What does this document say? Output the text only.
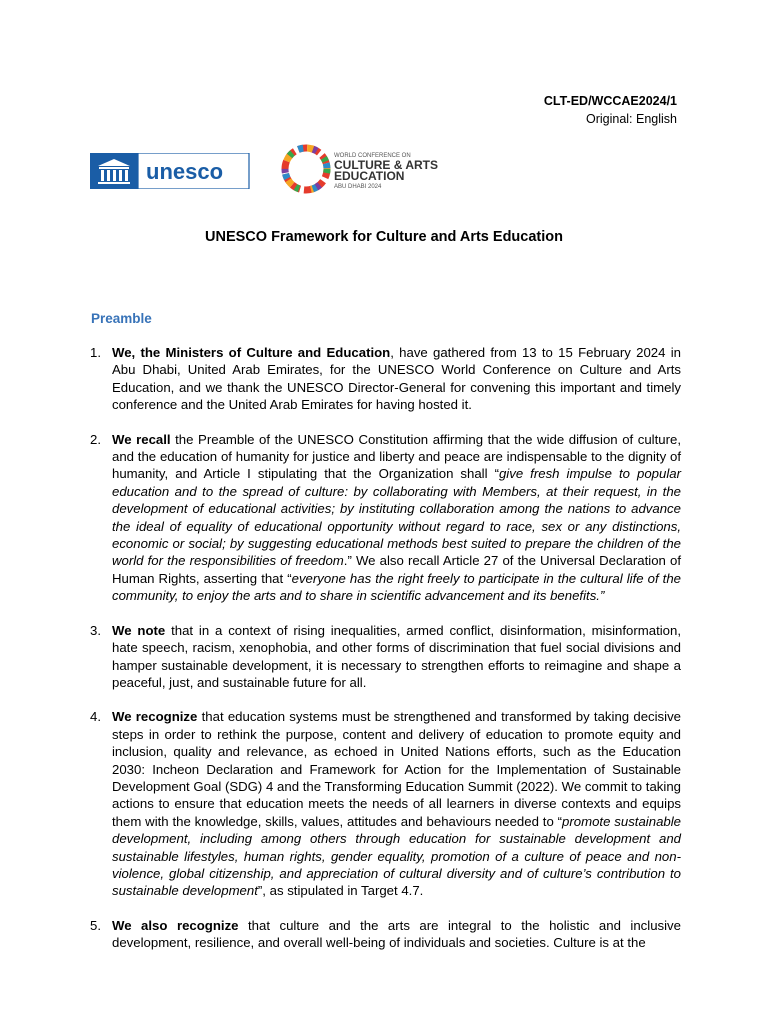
CLT-ED/WCCAE2024/1
Original: English
unesco
WORLD CONFERENCE ON
CULTURE & ARTS
EDUCATION
ABU DHABI 2024
UNESCO Framework for Culture and Arts Education
Preamble

1. We, the Ministers of Culture and Education, have gathered from 13 to 15 February 2024 in Abu Dhabi, United Arab Emirates, for the UNESCO World Conference on Culture and Arts Education, and we thank the UNESCO Director-General for convening this important and timely conference and the United Arab Emirates for having hosted it.

2. We recall the Preamble of the UNESCO Constitution affirming that the wide diffusion of culture, and the education of humanity for justice and liberty and peace are indispensable to the dignity of humanity, and Article I stipulating that the Organization shall “give fresh impulse to popular education and to the spread of culture: by collaborating with Members, at their request, in the development of educational activities; by instituting collaboration among the nations to advance the ideal of equality of educational opportunity without regard to race, sex or any distinctions, economic or social; by suggesting educational methods best suited to prepare the children of the world for the responsibilities of freedom.” We also recall Article 27 of the Universal Declaration of Human Rights, asserting that “everyone has the right freely to participate in the cultural life of the community, to enjoy the arts and to share in scientific advancement and its benefits.”

3. We note that in a context of rising inequalities, armed conflict, disinformation, misinformation, hate speech, racism, xenophobia, and other forms of discrimination that fuel social divisions and hamper sustainable development, it is necessary to strengthen efforts to reimagine and shape a peaceful, just, and sustainable future for all.

4. We recognize that education systems must be strengthened and transformed by taking decisive steps in order to rethink the purpose, content and delivery of education to promote equity and inclusion, quality and relevance, as echoed in United Nations efforts, such as the Education 2030: Incheon Declaration and Framework for Action for the Implementation of Sustainable Development Goal (SDG) 4 and the Transforming Education Summit (2022). We commit to taking actions to ensure that education meets the needs of all learners in diverse contexts and equips them with the knowledge, skills, values, attitudes and behaviours needed to “promote sustainable development, including among others through education for sustainable development and sustainable lifestyles, human rights, gender equality, promotion of a culture of peace and non-violence, global citizenship, and appreciation of cultural diversity and of culture’s contribution to sustainable development”, as stipulated in Target 4.7.

5. We also recognize that culture and the arts are integral to the holistic and inclusive development, resilience, and overall well-being of individuals and societies. Culture is at the
